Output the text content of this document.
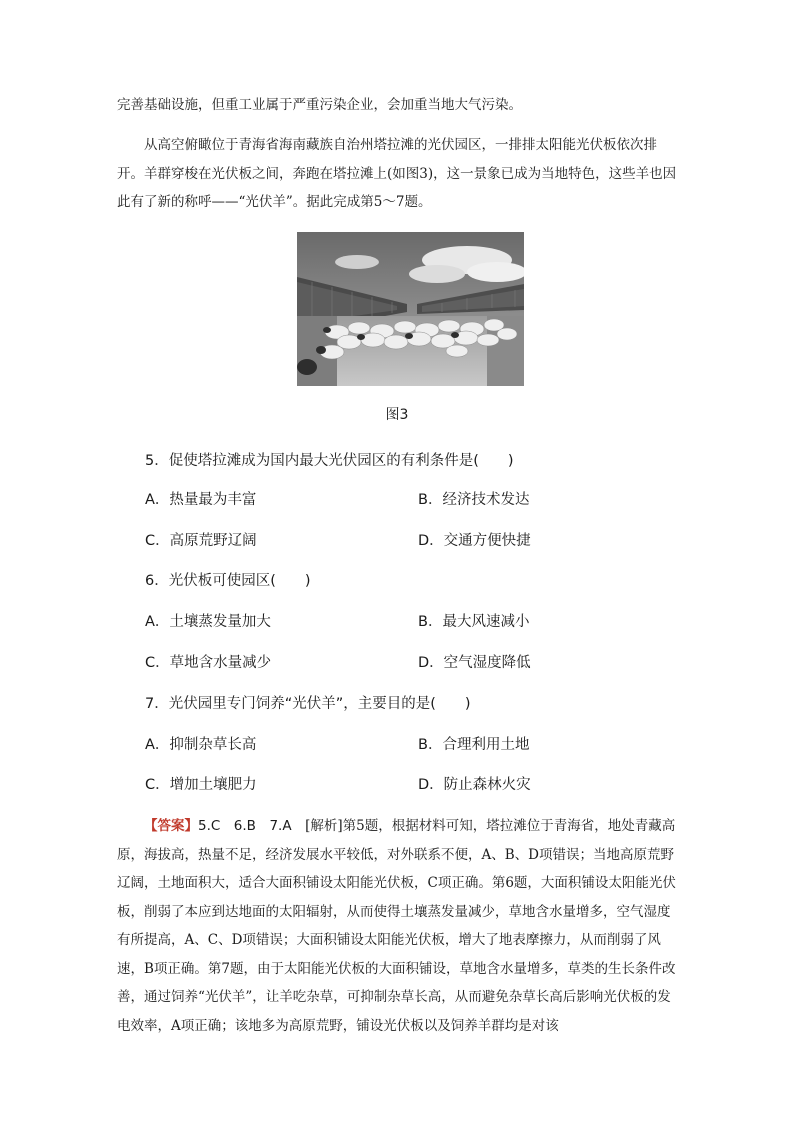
完善基础设施，但重工业属于严重污染企业，会加重当地大气污染。

从高空俯瞰位于青海省海南藏族自治州塔拉滩的光伏园区，一排排太阳能光伏板依次排开。羊群穿梭在光伏板之间，奔跑在塔拉滩上(如图3)，这一景象已成为当地特色，这些羊也因此有了新的称呼——“光伏羊”。据此完成第5～7题。

图3
5．促使塔拉滩成为国内最大光伏园区的有利条件是(　　)
A．热量最为丰富	B．经济技术发达
C．高原荒野辽阔	D．交通方便快捷
6．光伏板可使园区(　　)
A．土壤蒸发量加大	B．最大风速减小
C．草地含水量减少	D．空气湿度降低
7．光伏园里专门饲养“光伏羊”，主要目的是(　　)
A．抑制杂草长高	B．合理利用土地
C．增加土壤肥力	D．防止森林火灾

【答案】5.C　6.B　7.A　 [解析]第5题，根据材料可知，塔拉滩位于青海省，地处青藏高原，海拔高，热量不足，经济发展水平较低，对外联系不便，A、B、D项错误；当地高原荒野辽阔，土地面积大，适合大面积铺设太阳能光伏板，C项正确。第6题，大面积铺设太阳能光伏板，削弱了本应到达地面的太阳辐射，从而使得土壤蒸发量减少，草地含水量增多，空气湿度有所提高，A、C、D项错误；大面积铺设太阳能光伏板，增大了地表摩擦力，从而削弱了风速，B项正确。第7题，由于太阳能光伏板的大面积铺设，草地含水量增多，草类的生长条件改善，通过饲养“光伏羊”，让羊吃杂草，可抑制杂草长高，从而避免杂草长高后影响光伏板的发电效率，A项正确；该地多为高原荒野，铺设光伏板以及饲养羊群均是对该
